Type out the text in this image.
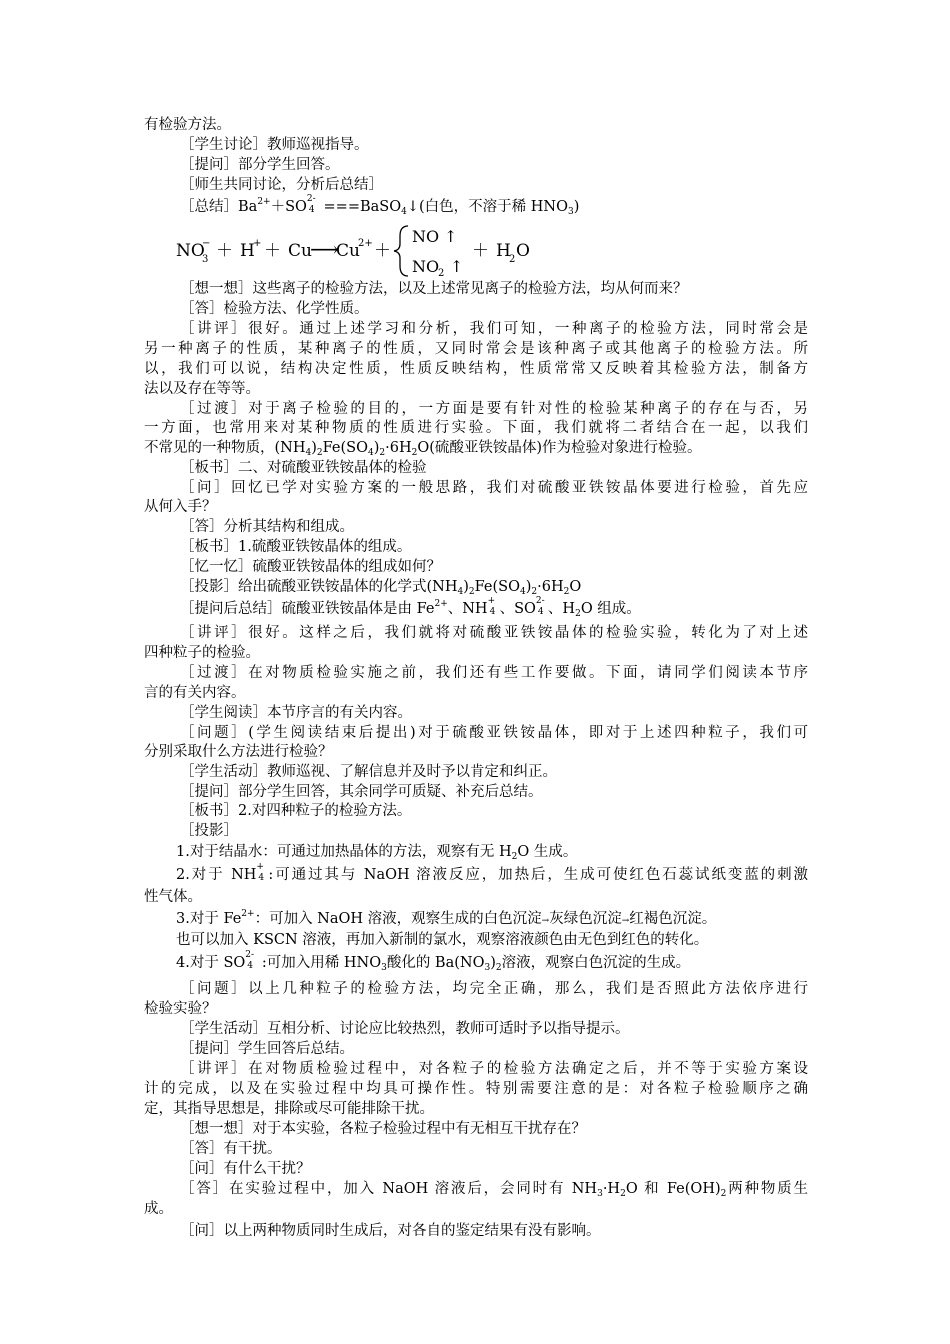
有检验方法。
［学生讨论］教师巡视指导。
［提问］部分学生回答。
［师生共同讨论，分析后总结］
［总结$]Ba^{2+}+SO$ 2-
4 ===BaSO$_4$↓(白色，不溶于稀 $HNO_3$)
NO
3
− ＋ H
+ ＋ Cu
⟶
Cu
2+ ＋
NO ↑
NO
2 ↑
＋ H
2 O
［想一想］这些离子的检验方法，以及上述常见离子的检验方法，均从何而来？
［答］检验方法、化学性质。
［讲评］很好。通过上述学习和分析，我们可知，一种离子的检验方法，同时常会是
另一种离子的性质，某种离子的性质，又同时常会是该种离子或其他离子的检验方法。所
以，我们可以说，结构决定性质，性质反映结构，性质常常又反映着其检验方法，制备方
法以及存在等等。
［过渡］对于离子检验的目的，一方面是要有针对性的检验某种离子的存在与否，另
一方面，也常用来对某种物质的性质进行实验。下面，我们就将二者结合在一起，以我们
不常见的一种物质，$(NH_4)_2Fe(SO_4)_2\cdot 6H_2O$(硫酸亚铁铵晶体)作为检验对象进行检验。
［板书］二、对硫酸亚铁铵晶体的检验
［问］回忆已学对实验方案的一般思路，我们对硫酸亚铁铵晶体要进行检验，首先应
从何入手？
［答］分析其结构和组成。
［板书］1.硫酸亚铁铵晶体的组成。
［忆一忆］硫酸亚铁铵晶体的组成如何？
［投影］给出硫酸亚铁铵晶体的化学式$(NH_4)_2Fe(SO_4)_2\cdot 6H_2O$
［提问后总结］硫酸亚铁铵晶体是由 $Fe^{2+}$、NH +
4 、SO 2-
4 、$H_2O$ 组成。
［讲评］很好。这样之后，我们就将对硫酸亚铁铵晶体的检验实验，转化为了对上述
四种粒子的检验。
［过渡］在对物质检验实施之前，我们还有些工作要做。下面，请同学们阅读本节序
言的有关内容。
［学生阅读］本节序言的有关内容。
［问题］(学生阅读结束后提出)对于硫酸亚铁铵晶体，即对于上述四种粒子，我们可
分别采取什么方法进行检验？
［学生活动］教师巡视、了解信息并及时予以肯定和纠正。
［提问］部分学生回答，其余同学可质疑、补充后总结。
［板书］2.对四种粒子的检验方法。
［投影］
1.对于结晶水：可通过加热晶体的方法，观察有无 $H_2O$ 生成。
2.对于 NH +
4 :可通过其与 NaOH 溶液反应，加热后，生成可使红色石蕊试纸变蓝的刺激
性气体。
3.对于 $Fe^{2+}$：可加入 NaOH 溶液，观察生成的白色沉淀→灰绿色沉淀→红褐色沉淀。
也可以加入 KSCN 溶液，再加入新制的氯水，观察溶液颜色由无色到红色的转化。
4.对于 SO 2-
4 :可加入用稀 $HNO_3$酸化的 $Ba(NO_3)_2$溶液，观察白色沉淀的生成。
［问题］以上几种粒子的检验方法，均完全正确，那么，我们是否照此方法依序进行
检验实验？
［学生活动］互相分析、讨论应比较热烈，教师可适时予以指导提示。
［提问］学生回答后总结。
［讲评］在对物质检验过程中，对各粒子的检验方法确定之后，并不等于实验方案设
计的完成，以及在实验过程中均具可操作性。特别需要注意的是：对各粒子检验顺序之确
定，其指导思想是，排除或尽可能排除干扰。
［想一想］对于本实验，各粒子检验过程中有无相互干扰存在？
［答］有干扰。
［问］有什么干扰？
［答］在实验过程中，加入 NaOH 溶液后，会同时有 $NH_3\cdot H_2O$ 和 $Fe(OH)_2$两种物质生
成。
［问］以上两种物质同时生成后，对各自的鉴定结果有没有影响。
